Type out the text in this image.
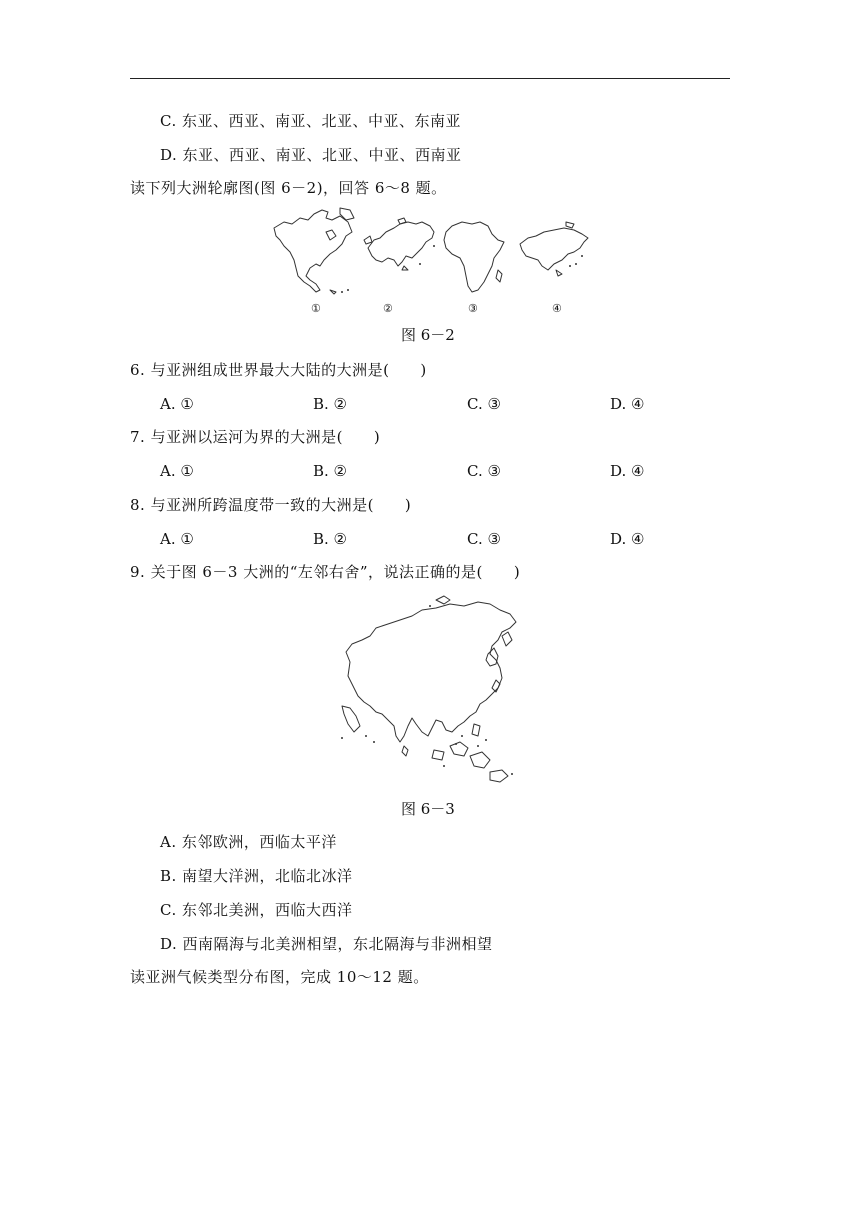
C. 东亚、西亚、南亚、北亚、中亚、东南亚
D. 东亚、西亚、南亚、北亚、中亚、西南亚
读下列大洲轮廓图(图 6－2)，回答 6～8 题。
①	②	③	④
图 6－2
6. 与亚洲组成世界最大大陆的大洲是(　　)
A. ①	B. ②	C. ③	D. ④
7. 与亚洲以运河为界的大洲是(　　)
A. ①	B. ②	C. ③	D. ④
8. 与亚洲所跨温度带一致的大洲是(　　)
A. ①	B. ②	C. ③	D. ④
9. 关于图 6－3 大洲的“左邻右舍”，说法正确的是(　　)
图 6－3
A. 东邻欧洲，西临太平洋
B. 南望大洋洲，北临北冰洋
C. 东邻北美洲，西临大西洋
D. 西南隔海与北美洲相望，东北隔海与非洲相望
读亚洲气候类型分布图，完成 10～12 题。
